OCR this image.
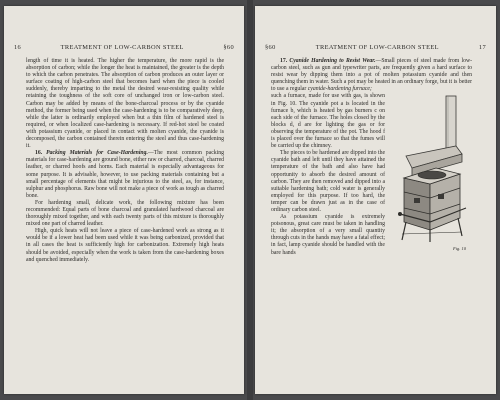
16	TREATMENT OF LOW-CARBON STEEL	§60

length of time it is heated. The higher the temperature, the more rapid is the absorption of carbon; while the longer the heat is maintained, the greater is the depth to which the carbon penetrates. The absorption of carbon produces an outer layer or surface coating of high-carbon steel that becomes hard when the piece is cooled suddenly, thereby imparting to the metal the desired wear-resisting quality while retaining the toughness of the soft core of unchanged iron or low-carbon steel. Carbon may be added by means of the bone-charcoal process or by the cyanide method, the former being used when the case-hardening is to be comparatively deep, while the latter is ordinarily employed when but a thin film of hardened steel is required, or when localized case-hardening is necessary. If red-hot steel be coated with potassium cyanide, or placed in contact with molten cyanide, the cyanide is decomposed, the carbon contained therein entering the steel and thus case-hardening it.

16. Packing Materials for Case-Hardening.—The most common packing materials for case-hardening are ground bone, either raw or charred, charcoal, charred leather, or charred hoofs and horns. Each material is especially advantageous for some purpose. It is advisable, however, to use packing materials containing but a small percentage of elements that might be injurious to the steel, as, for instance, sulphur and phosphorus. Raw bone will not make a piece of work as tough as charred bone.

For hardening small, delicate work, the following mixture has been recommended: Equal parts of bone charcoal and granulated hardwood charcoal are thoroughly mixed together, and with each twenty parts of this mixture is thoroughly mixed one part of charred leather.

High, quick heats will not leave a piece of case-hardened work as strong as it would be if a lower heat had been used while it was being carbonized, provided that in all cases the heat is sufficiently high for carbonization. Extremely high heats should be avoided, especially when the work is taken from the case-hardening boxes and quenched immediately.

§60	TREATMENT OF LOW-CARBON STEEL	17

17. Cyanide Hardening to Resist Wear.—Small pieces of steel made from low-carbon steel, such as gun and typewriter parts, are frequently given a hard surface to resist wear by dipping them into a pot of molten potassium cyanide and then quenching them in water. Such a pot may be heated in an ordinary forge, but it is better to use a regular cyanide-hardening furnace;

Fig. 10

such a furnace, made for use with gas, is shown in Fig. 10. The cyanide pot a is located in the furnace b, which is heated by gas burners c on each side of the furnace. The holes closed by the blocks d, d are for lighting the gas or for observing the temperature of the pot. The hood f is placed over the furnace so that the fumes will be carried up the chimney.

The pieces to be hardened are dipped into the cyanide bath and left until they have attained the temperature of the bath and also have had opportunity to absorb the desired amount of carbon. They are then removed and dipped into a suitable hardening bath; cold water is generally employed for this purpose. If too hard, the temper can be drawn just as in the case of ordinary carbon steel.

As potassium cyanide is extremely poisonous, great care must be taken in handling it; the absorption of a very small quantity through cuts in the hands may have a fatal effect; in fact, lamp cyanide should be handled with the bare hands
